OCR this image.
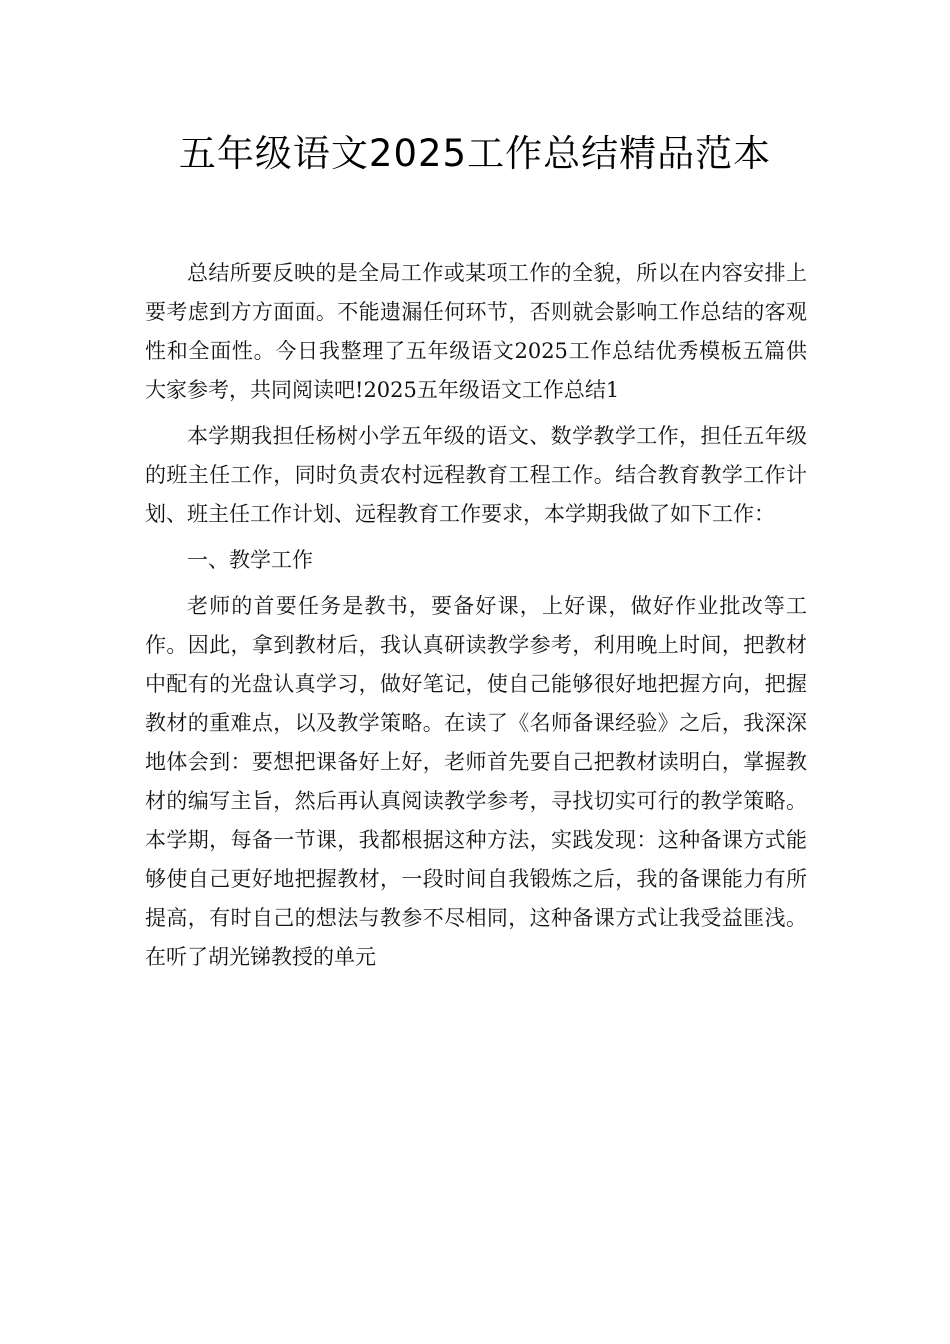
五年级语文2025工作总结精品范本

总结所要反映的是全局工作或某项工作的全貌，所以在内容安排上要考虑到方方面面。不能遗漏任何环节，否则就会影响工作总结的客观性和全面性。今日我整理了五年级语文2025工作总结优秀模板五篇供大家参考，共同阅读吧!2025五年级语文工作总结1

本学期我担任杨树小学五年级的语文、数学教学工作，担任五年级的班主任工作，同时负责农村远程教育工程工作。结合教育教学工作计划、班主任工作计划、远程教育工作要求，本学期我做了如下工作：

一、教学工作

老师的首要任务是教书，要备好课，上好课，做好作业批改等工作。因此，拿到教材后，我认真研读教学参考，利用晚上时间，把教材中配有的光盘认真学习，做好笔记，使自己能够很好地把握方向，把握教材的重难点，以及教学策略。在读了《名师备课经验》之后，我深深地体会到：要想把课备好上好，老师首先要自己把教材读明白，掌握教材的编写主旨，然后再认真阅读教学参考，寻找切实可行的教学策略。本学期，每备一节课，我都根据这种方法，实践发现：这种备课方式能够使自己更好地把握教材，一段时间自我锻炼之后，我的备课能力有所提高，有时自己的想法与教参不尽相同，这种备课方式让我受益匪浅。在听了胡光锑教授的单元
